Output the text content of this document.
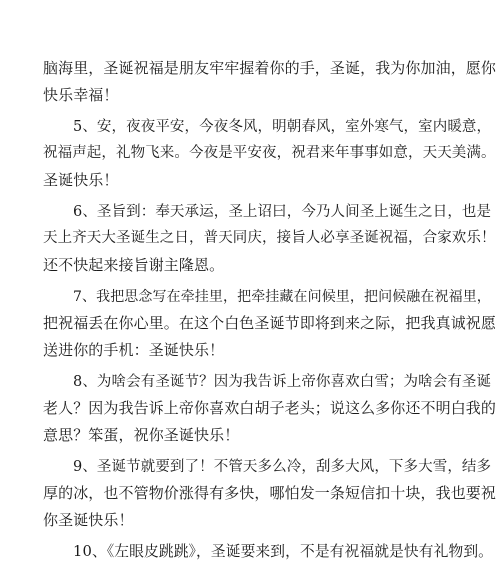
脑海里，圣诞祝福是朋友牢牢握着你的手，圣诞，我为你加油，愿你
快乐幸福！
5、安，夜夜平安，今夜冬风，明朝春风，室外寒气，室内暖意，
祝福声起，礼物飞来。今夜是平安夜，祝君来年事事如意，天天美满。
圣诞快乐！
6、圣旨到：奉天承运，圣上诏曰，今乃人间圣上诞生之日，也是
天上齐天大圣诞生之日，普天同庆，接旨人必享圣诞祝福，合家欢乐！
还不快起来接旨谢主隆恩。
7、我把思念写在牵挂里，把牵挂藏在问候里，把问候融在祝福里，
把祝福丢在你心里。在这个白色圣诞节即将到来之际，把我真诚祝愿
送进你的手机：圣诞快乐！
8、为啥会有圣诞节？因为我告诉上帝你喜欢白雪；为啥会有圣诞
老人？因为我告诉上帝你喜欢白胡子老头；说这么多你还不明白我的
意思？笨蛋，祝你圣诞快乐！
9、圣诞节就要到了！不管天多么冷，刮多大风，下多大雪，结多
厚的冰，也不管物价涨得有多快，哪怕发一条短信扣十块，我也要祝
你圣诞快乐！
10、《左眼皮跳跳》，圣诞要来到，不是有祝福就是快有礼物到。
